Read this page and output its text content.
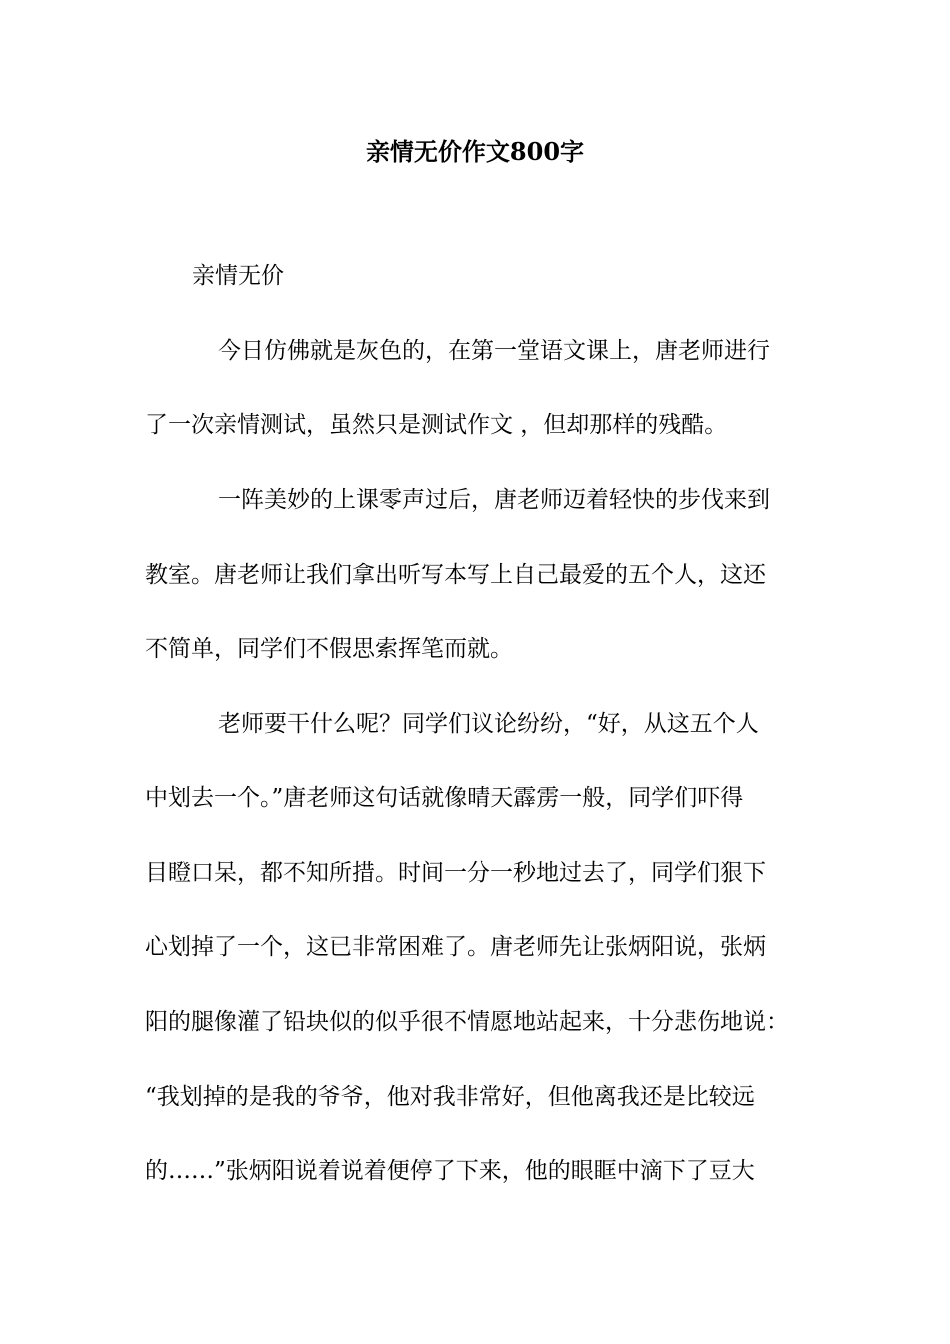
亲情无价作文800字
亲情无价
今日仿佛就是灰色的，在第一堂语文课上，唐老师进行
了一次亲情测试，虽然只是测试作文 ，但却那样的残酷。
一阵美妙的上课零声过后，唐老师迈着轻快的步伐来到
教室。唐老师让我们拿出听写本写上自己最爱的五个人，这还
不简单，同学们不假思索挥笔而就。
老师要干什么呢？同学们议论纷纷，“好，从这五个人
中划去一个。”唐老师这句话就像晴天霹雳一般，同学们吓得
目瞪口呆，都不知所措。时间一分一秒地过去了，同学们狠下
心划掉了一个，这已非常困难了。唐老师先让张炳阳说，张炳
阳的腿像灌了铅块似的似乎很不情愿地站起来，十分悲伤地说：
“我划掉的是我的爷爷，他对我非常好，但他离我还是比较远
的……”张炳阳说着说着便停了下来，他的眼眶中滴下了豆大
